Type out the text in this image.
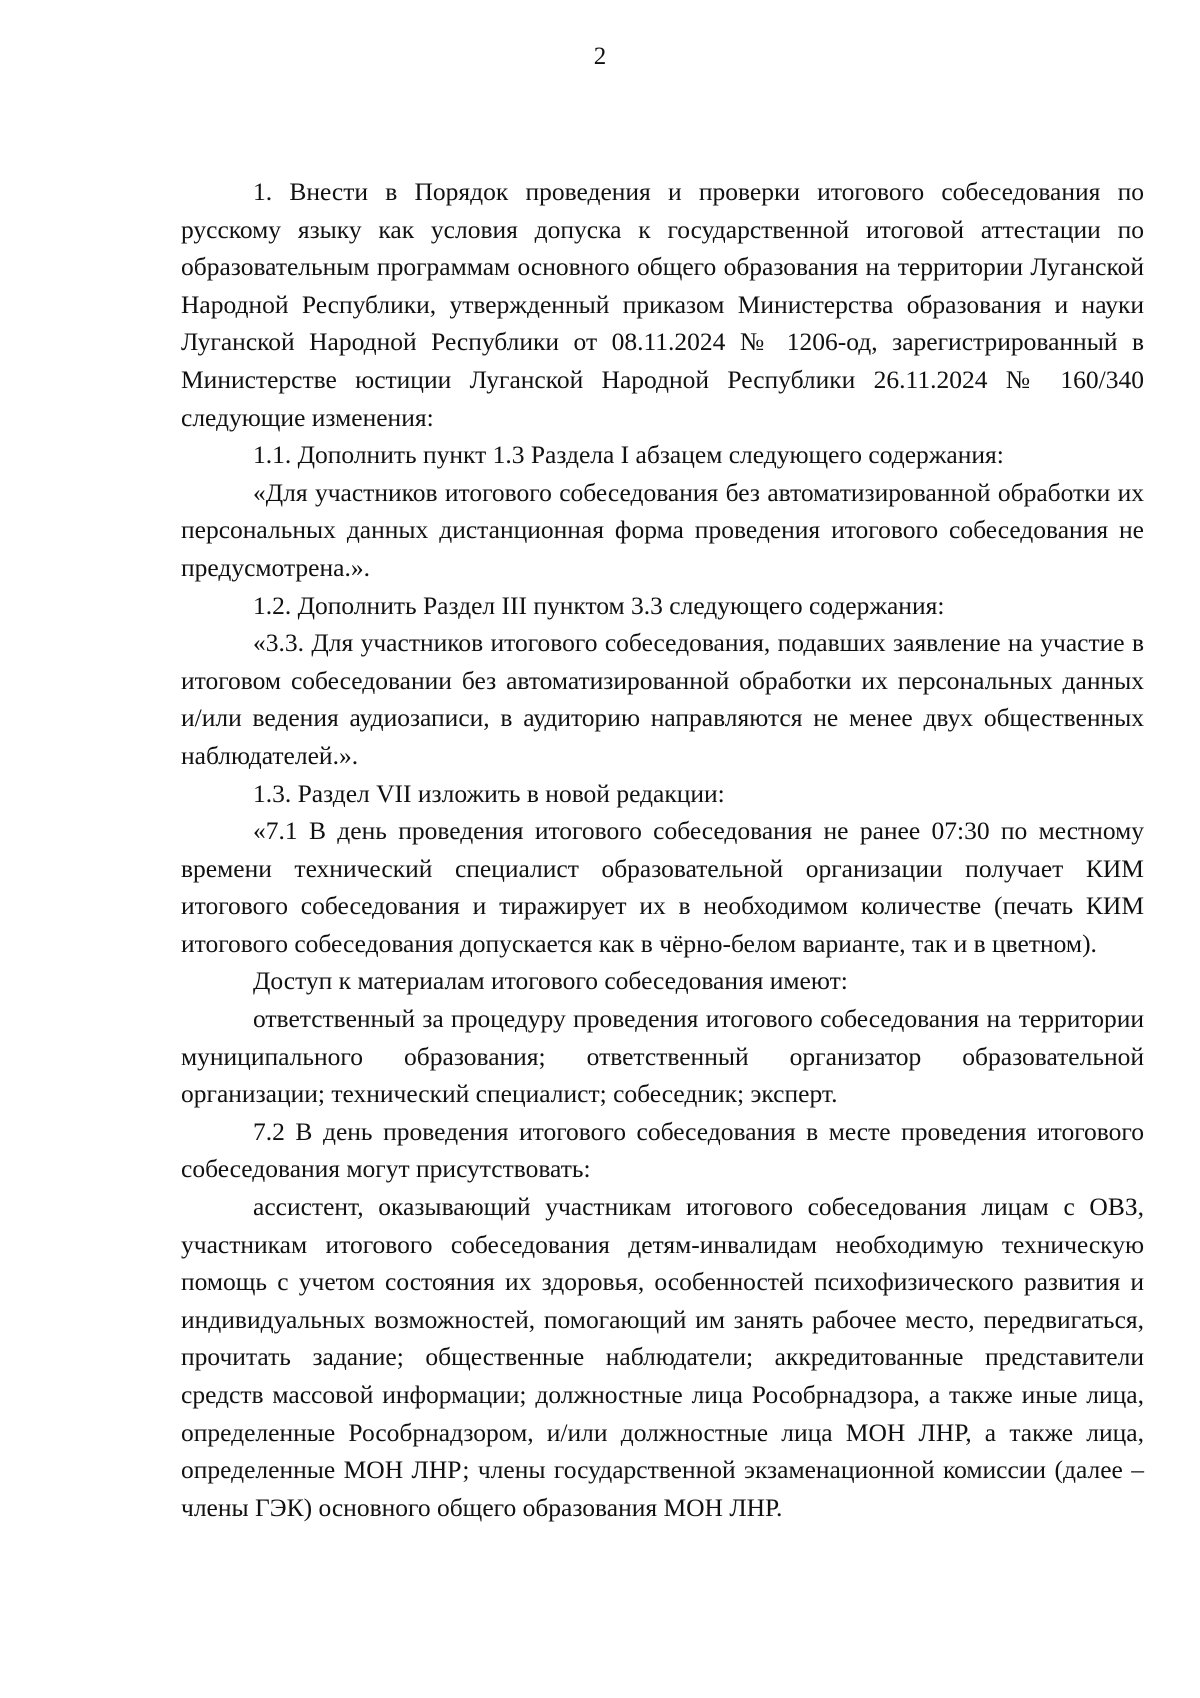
2

1. Внести в Порядок проведения и проверки итогового собеседования по русскому языку как условия допуска к государственной итоговой аттестации по образовательным программам основного общего образования на территории Луганской Народной Республики, утвержденный приказом Министерства образования и науки Луганской Народной Республики от 08.11.2024 № 1206-од, зарегистрированный в Министерстве юстиции Луганской Народной Республики 26.11.2024 № 160/340 следующие изменения:

1.1. Дополнить пункт 1.3 Раздела I абзацем следующего содержания:

«Для участников итогового собеседования без автоматизированной обработки их персональных данных дистанционная форма проведения итогового собеседования не предусмотрена.».

1.2. Дополнить Раздел III пунктом 3.3 следующего содержания:

«3.3. Для участников итогового собеседования, подавших заявление на участие в итоговом собеседовании без автоматизированной обработки их персональных данных и/или ведения аудиозаписи, в аудиторию направляются не менее двух общественных наблюдателей.».

1.3. Раздел VII изложить в новой редакции:

«7.1 В день проведения итогового собеседования не ранее 07:30 по местному времени технический специалист образовательной организации получает КИМ итогового собеседования и тиражирует их в необходимом количестве (печать КИМ итогового собеседования допускается как в чёрно-белом варианте, так и в цветном).

Доступ к материалам итогового собеседования имеют:

ответственный за процедуру проведения итогового собеседования на территории муниципального образования; ответственный организатор образовательной организации; технический специалист; собеседник; эксперт.

7.2 В день проведения итогового собеседования в месте проведения итогового собеседования могут присутствовать:

ассистент, оказывающий участникам итогового собеседования лицам с ОВЗ, участникам итогового собеседования детям-инвалидам необходимую техническую помощь с учетом состояния их здоровья, особенностей психофизического развития и индивидуальных возможностей, помогающий им занять рабочее место, передвигаться, прочитать задание; общественные наблюдатели; аккредитованные представители средств массовой информации; должностные лица Рособрнадзора, а также иные лица, определенные Рособрнадзором, и/или должностные лица МОН ЛНР, а также лица, определенные МОН ЛНР; члены государственной экзаменационной комиссии (далее – члены ГЭК) основного общего образования МОН ЛНР.
